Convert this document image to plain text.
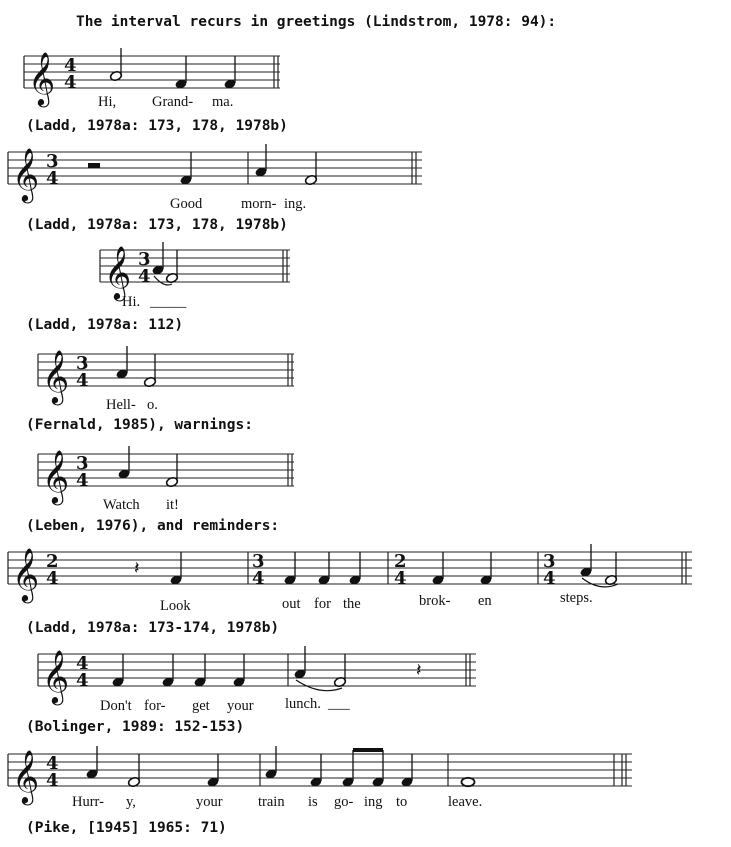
The interval recurs in greetings (Lindstrom, 1978: 94):
𝄞 4
4
Hi, Grand- ma.
(Ladd, 1978a: 173, 178, 1978b)
𝄞 3
4
Good	morn- ing.
(Ladd, 1978a: 173, 178, 1978b)
𝄞 3
4
Hi. _____
(Ladd, 1978a: 112)
𝄞 3
4
Hell- o.
(Fernald, 1985), warnings:
𝄞 3
4
Watch it!
(Leben, 1976), and reminders:
𝄞 2
4	𝄽	3
4
2
4
3
4
Look	out for the	brok- en	steps.
(Ladd, 1978a: 173-174, 1978b)
𝄞 4
4	𝄽
Don't for- get your lunch. ___
(Bolinger, 1989: 152-153)
𝄞 4
4
Hurr- y,	your train is go- ing to	leave.
(Pike, [1945] 1965: 71)
